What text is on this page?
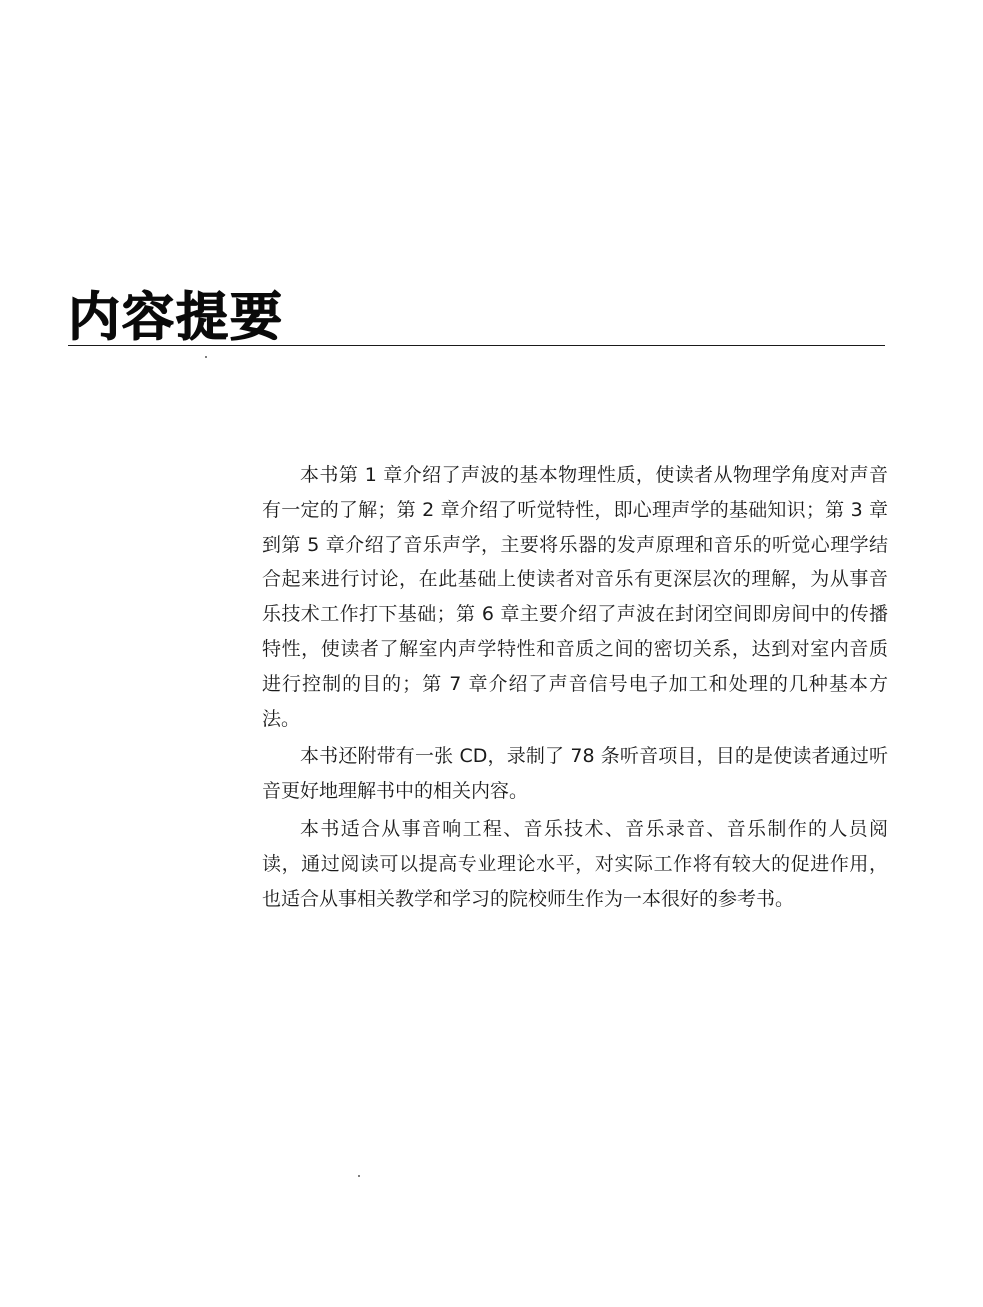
内容提要

本书第 1 章介绍了声波的基本物理性质，使读者从物理学角度对声音有一定的了解；第 2 章介绍了听觉特性，即心理声学的基础知识；第 3 章到第 5 章介绍了音乐声学，主要将乐器的发声原理和音乐的听觉心理学结合起来进行讨论，在此基础上使读者对音乐有更深层次的理解，为从事音乐技术工作打下基础；第 6 章主要介绍了声波在封闭空间即房间中的传播特性，使读者了解室内声学特性和音质之间的密切关系，达到对室内音质进行控制的目的；第 7 章介绍了声音信号电子加工和处理的几种基本方法。

本书还附带有一张 CD，录制了 78 条听音项目，目的是使读者通过听音更好地理解书中的相关内容。

本书适合从事音响工程、音乐技术、音乐录音、音乐制作的人员阅读，通过阅读可以提高专业理论水平，对实际工作将有较大的促进作用，也适合从事相关教学和学习的院校师生作为一本很好的参考书。
